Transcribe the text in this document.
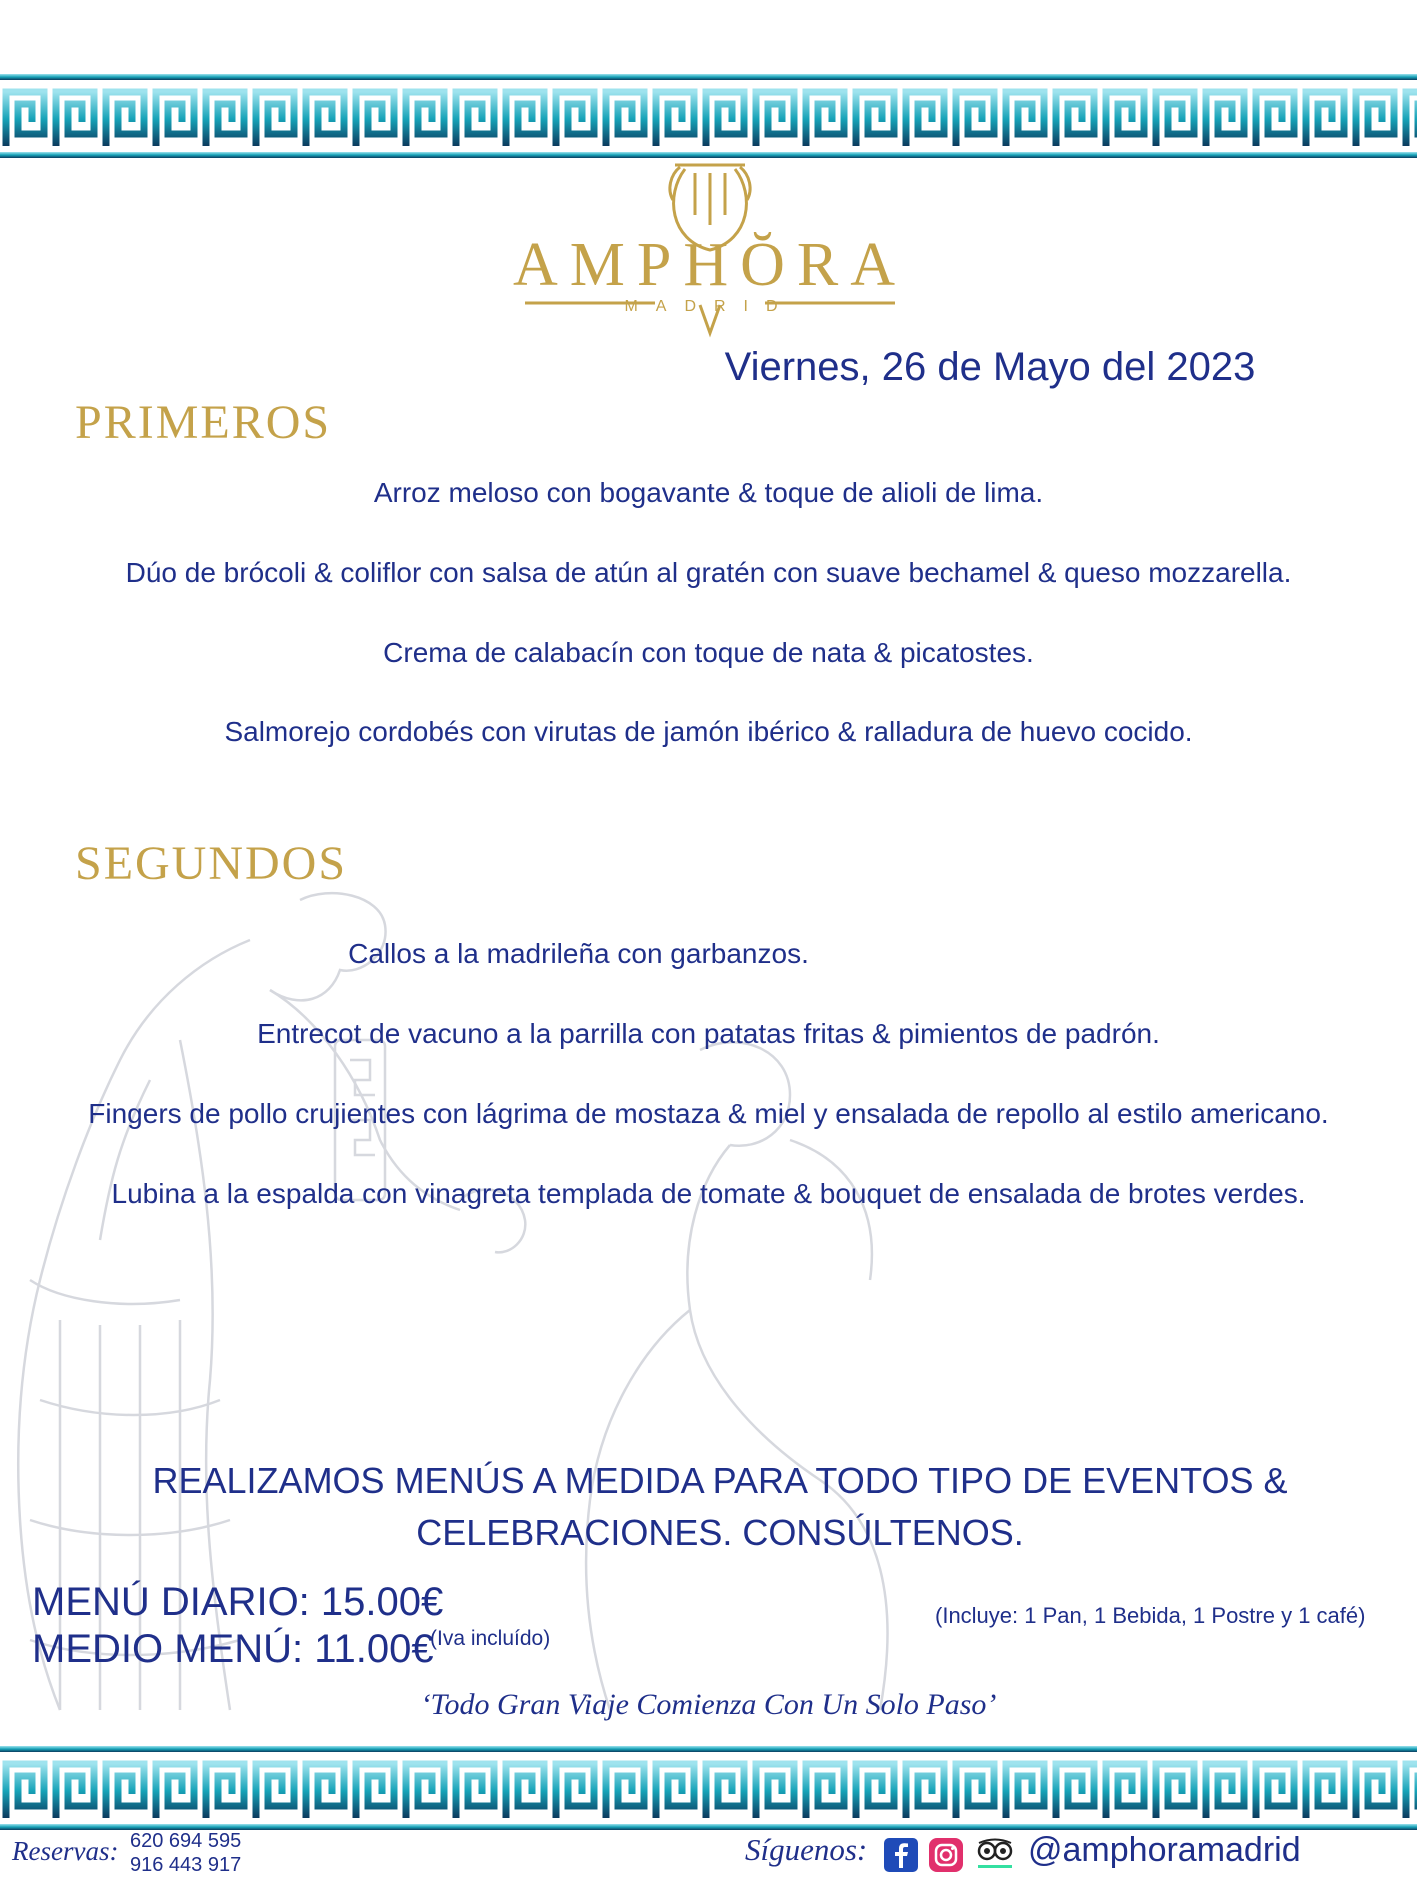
AMPHŎRA
MADRID
Viernes, 26 de Mayo del 2023
PRIMEROS
Arroz meloso con bogavante & toque de alioli de lima.
Dúo de brócoli & coliflor con salsa de atún al gratén con suave bechamel & queso mozzarella.
Crema de calabacín con toque de nata & picatostes.
Salmorejo cordobés con virutas de jamón ibérico & ralladura de huevo cocido.
SEGUNDOS
Callos a la madrileña con garbanzos.
Entrecot de vacuno a la parrilla con patatas fritas & pimientos de padrón.
Fingers de pollo crujientes con lágrima de mostaza & miel y ensalada de repollo al estilo americano.
Lubina a la espalda con vinagreta templada de tomate & bouquet de ensalada de brotes verdes.
REALIZAMOS MENÚS A MEDIDA PARA TODO TIPO DE EVENTOS &
CELEBRACIONES. CONSÚLTENOS.
MENÚ DIARIO: 15.00€
MEDIO MENÚ: 11.00€
(Iva incluído)
(Incluye: 1 Pan, 1 Bebida, 1 Postre y 1 café)
‘Todo Gran Viaje Comienza Con Un Solo Paso’
Reservas: 620 694 595
916 443 917	Síguenos:	@amphoramadrid
